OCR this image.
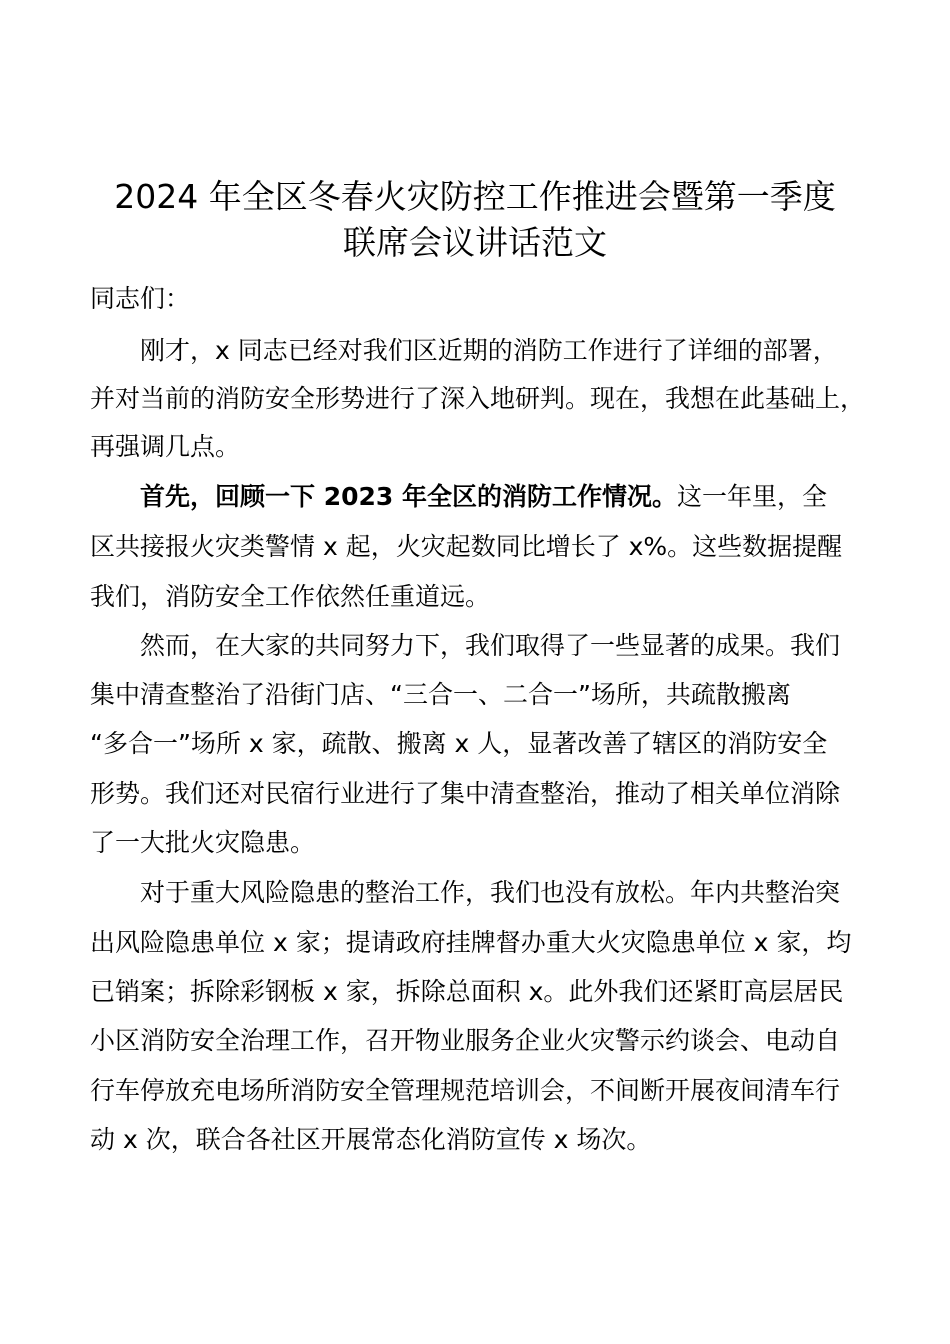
2024 年全区冬春火灾防控工作推进会暨第一季度
联席会议讲话范文
同志们：
刚才，x 同志已经对我们区近期的消防工作进行了详细的部署，
并对当前的消防安全形势进行了深入地研判。现在，我想在此基础上，
再强调几点。
首先，回顾一下 2023 年全区的消防工作情况。这一年里，全
区共接报火灾类警情 x 起，火灾起数同比增长了 x%。这些数据提醒
我们，消防安全工作依然任重道远。
然而，在大家的共同努力下，我们取得了一些显著的成果。我们
集中清查整治了沿街门店、“三合一、二合一”场所，共疏散搬离
“多合一”场所 x 家，疏散、搬离 x 人，显著改善了辖区的消防安全
形势。我们还对民宿行业进行了集中清查整治，推动了相关单位消除
了一大批火灾隐患。
对于重大风险隐患的整治工作，我们也没有放松。年内共整治突
出风险隐患单位 x 家；提请政府挂牌督办重大火灾隐患单位 x 家，均
已销案；拆除彩钢板 x 家，拆除总面积 x。此外我们还紧盯高层居民
小区消防安全治理工作，召开物业服务企业火灾警示约谈会、电动自
行车停放充电场所消防安全管理规范培训会，不间断开展夜间清车行
动 x 次，联合各社区开展常态化消防宣传 x 场次。
